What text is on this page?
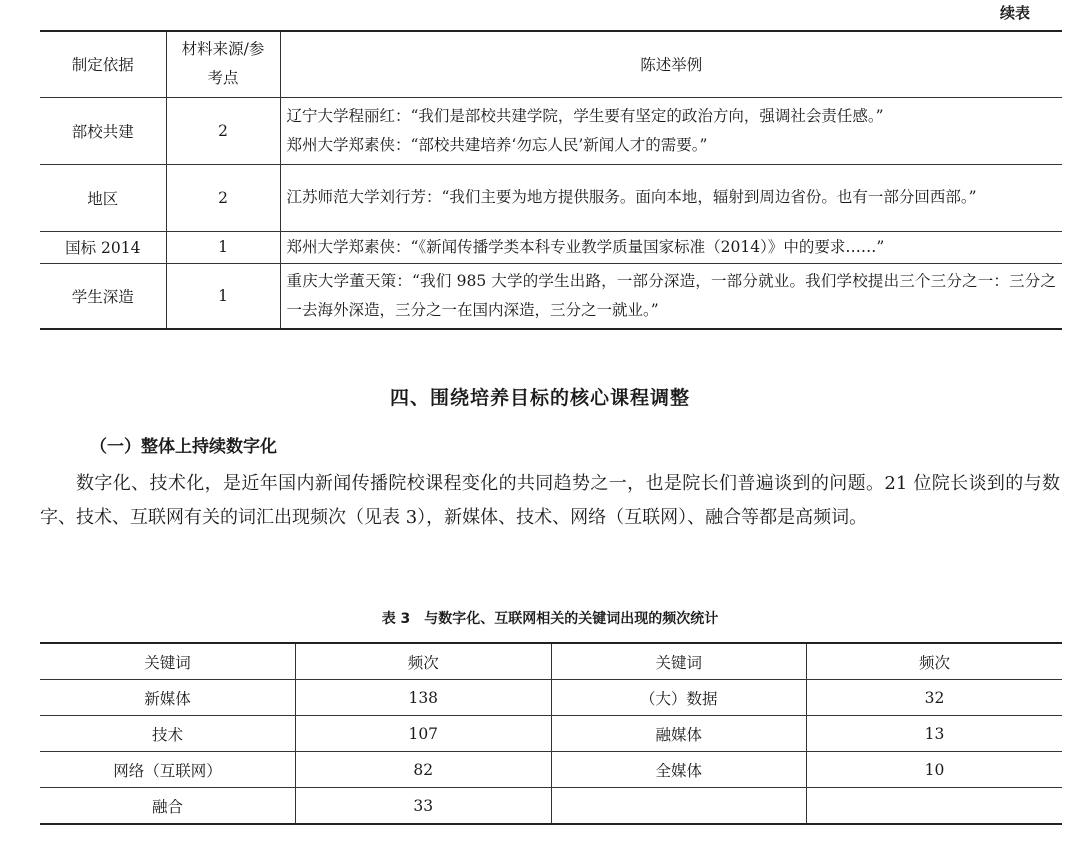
续表
制定依据	材料来源/参考点	陈述举例
部校共建	2	辽宁大学程丽红：“我们是部校共建学院，学生要有坚定的政治方向，强调社会责任感。”
郑州大学郑素侠：“部校共建培养‘勿忘人民’新闻人才的需要。”

地区	2	江苏师范大学刘行芳：“我们主要为地方提供服务。面向本地，辐射到周边省份。也有一部分回西部。”

国标 2014	1	郑州大学郑素侠：“《新闻传播学类本科专业教学质量国家标准（2014）》中的要求……”

学生深造	1	重庆大学董天策：“我们 985 大学的学生出路，一部分深造，一部分就业。我们学校提出三个三分之一：三分之一去海外深造，三分之一在国内深造，三分之一就业。”
四、围绕培养目标的核心课程调整
（一）整体上持续数字化

数字化、技术化，是近年国内新闻传播院校课程变化的共同趋势之一，也是院长们普遍谈到的问题。21 位院长谈到的与数字、技术、互联网有关的词汇出现频次（见表 3），新媒体、技术、网络（互联网）、融合等都是高频词。

表 3　与数字化、互联网相关的关键词出现的频次统计
关键词	频次	关键词	频次
新媒体	138	（大）数据	32
技术	107	融媒体	13
网络（互联网）	82	全媒体	10
融合	33		
